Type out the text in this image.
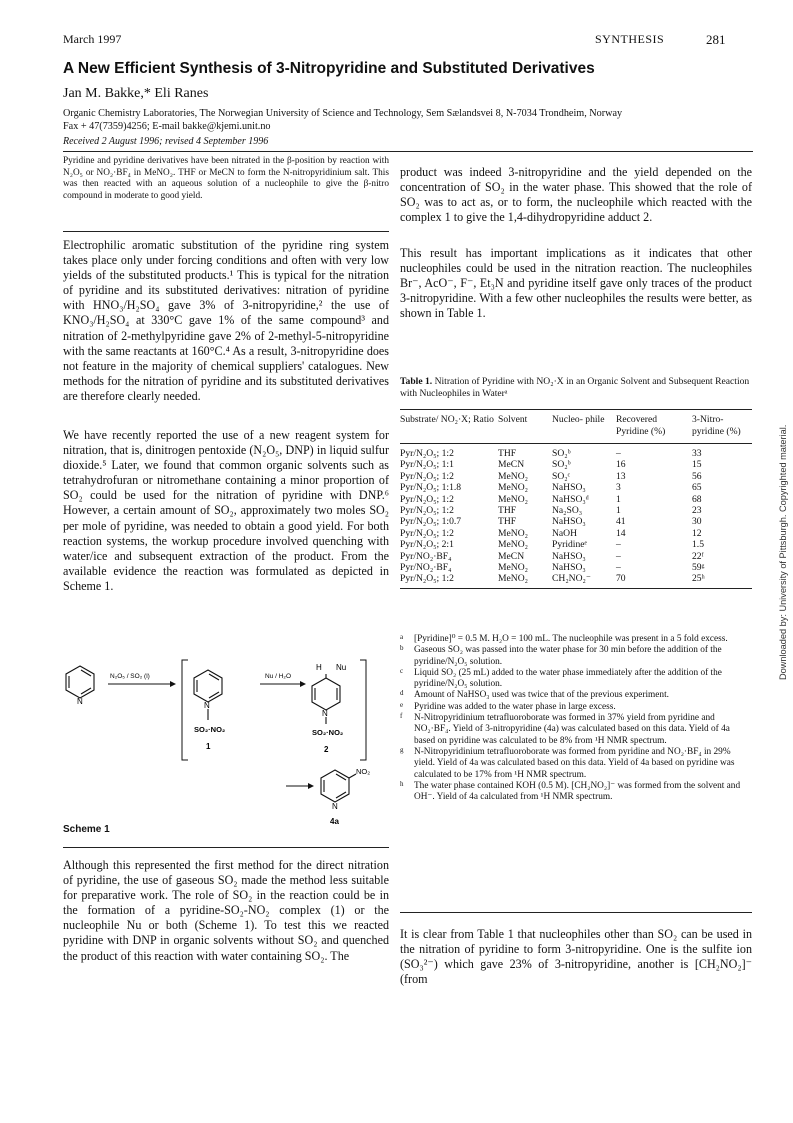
March 1997	SYNTHESIS	281
A New Efficient Synthesis of 3-Nitropyridine and Substituted Derivatives
Jan M. Bakke,* Eli Ranes
Organic Chemistry Laboratories, The Norwegian University of Science and Technology, Sem Sælandsvei 8, N-7034 Trondheim, Norway
Fax + 47(7359)4256; E-mail bakke@kjemi.unit.no
Received 2 August 1996; revised 4 September 1996
Pyridine and pyridine derivatives have been nitrated in the β-position by reaction with N₂O₅ or NO₂·BF₄ in MeNO₂. THF or MeCN to form the N-nitropyridinium salt. This was then reacted with an aqueous solution of a nucleophile to give the β-nitro compound in moderate to good yield.
Electrophilic aromatic substitution of the pyridine ring system takes place only under forcing conditions and often with very low yields of the substituted products.¹ This is typical for the nitration of pyridine and its substituted derivatives: nitration of pyridine with HNO₃/H₂SO₄ gave 3% of 3-nitropyridine,² the use of KNO₃/H₂SO₄ at 330°C gave 1% of the same compound³ and nitration of 2-methylpyridine gave 2% of 2-methyl-5-nitropyridine with the same reactants at 160°C.⁴ As a result, 3-nitropyridine does not feature in the majority of chemical suppliers' catalogues. New methods for the nitration of pyridine and its substituted derivatives are therefore clearly needed.
We have recently reported the use of a new reagent system for nitration, that is, dinitrogen pentoxide (N₂O₅, DNP) in liquid sulfur dioxide.⁵ Later, we found that common organic solvents such as tetrahydrofuran or nitromethane containing a minor proportion of SO₂ could be used for the nitration of pyridine with DNP.⁶ However, a certain amount of SO₂, approximately two moles SO₂ per mole of pyridine, was needed to obtain a good yield. For both reaction systems, the workup procedure involved quenching with water/ice and subsequent extraction of the product. From the available evidence the reaction was formulated as depicted in Scheme 1.
N
N₂O₅ / SO₂ (l)
N
SO₂·NO₂
1
Nu / H₂O
H Nu
N
SO₂·NO₂
2
NO₂
N
4a
Scheme 1
Although this represented the first method for the direct nitration of pyridine, the use of gaseous SO₂ made the method less suitable for preparative work. The role of SO₂ in the reaction could be in the formation of a pyridine-SO₂-NO₂ complex (1) or the nucleophile Nu or both (Scheme 1). To test this we reacted pyridine with DNP in organic solvents without SO₂ and quenched the product of this reaction with water containing SO₂. The
product was indeed 3-nitropyridine and the yield depended on the concentration of SO₂ in the water phase. This showed that the role of SO₂ was to act as, or to form, the nucleophile which reacted with the complex 1 to give the 1,4-dihydropyridine adduct 2.
This result has important implications as it indicates that other nucleophiles could be used in the nitration reaction. The nucleophiles Br⁻, AcO⁻, F⁻, Et₃N and pyridine itself gave only traces of the product 3-nitropyridine. With a few other nucleophiles the results were better, as shown in Table 1.
Table 1. Nitration of Pyridine with NO₂·X in an Organic Solvent and Subsequent Reaction with Nucleophiles in Waterᵃ
Substrate/ NO₂·X; Ratio	Solvent	Nucleo- phile	Recovered Pyridine (%)	3-Nitro- pyridine (%)
Pyr/N₂O₅; 1:2	THF	SO₂ᵇ	–	33
Pyr/N₂O₅; 1:1	MeCN	SO₂ᵇ	16	15
Pyr/N₂O₅; 1:2	MeNO₂	SO₂ᶜ	13	56
Pyr/N₂O₅; 1:1.8	MeNO₂	NaHSO₃	3	65
Pyr/N₂O₅; 1:2	MeNO₂	NaHSO₃ᵈ	1	68
Pyr/N₂O₅; 1:2	THF	Na₂SO₃	1	23
Pyr/N₂O₅; 1:0.7	THF	NaHSO₃	41	30
Pyr/N₂O₅; 1:2	MeNO₂	NaOH	14	12
Pyr/N₂O₅; 2:1	MeNO₂	Pyridineᵉ	–	1.5
Pyr/NO₂·BF₄	MeCN	NaHSO₃	–	22ᶠ
Pyr/NO₂·BF₄	MeNO₂	NaHSO₃	–	59ᵍ
Pyr/N₂O₅; 1:2	MeNO₂	CH₂NO₂⁻	70	25ʰ

a [Pyridine]⁰ = 0.5 M. H₂O = 100 mL. The nucleophile was present in a 5 fold excess.

b Gaseous SO₂ was passed into the water phase for 30 min before the addition of the pyridine/N₂O₅ solution.

c Liquid SO₂ (25 mL) added to the water phase immediately after the addition of the pyridine/N₂O₅ solution.

d Amount of NaHSO₃ used was twice that of the previous experiment.

e Pyridine was added to the water phase in large excess.

f N-Nitropyridinium tetrafluoroborate was formed in 37% yield from pyridine and NO₂·BF₄. Yield of 3-nitropyridine (4a) was calculated based on this data. Yield of 4a based on pyridine was calculated to be 8% from ¹H NMR spectrum.

g N-Nitropyridinium tetrafluoroborate was formed from pyridine and NO₂·BF₄ in 29% yield. Yield of 4a was calculated based on this data. Yield of 4a based on pyridine was calculated to be 17% from ¹H NMR spectrum.

h The water phase contained KOH (0.5 M). [CH₂NO₂]⁻ was formed from the solvent and OH⁻. Yield of 4a calculated from ¹H NMR spectrum.

It is clear from Table 1 that nucleophiles other than SO₂ can be used in the nitration of pyridine to form 3-nitropyridine. One is the sulfite ion (SO₃²⁻) which gave 23% of 3-nitropyridine, another is [CH₂NO₂]⁻ (from
Downloaded by: University of Pittsburgh. Copyrighted material.
